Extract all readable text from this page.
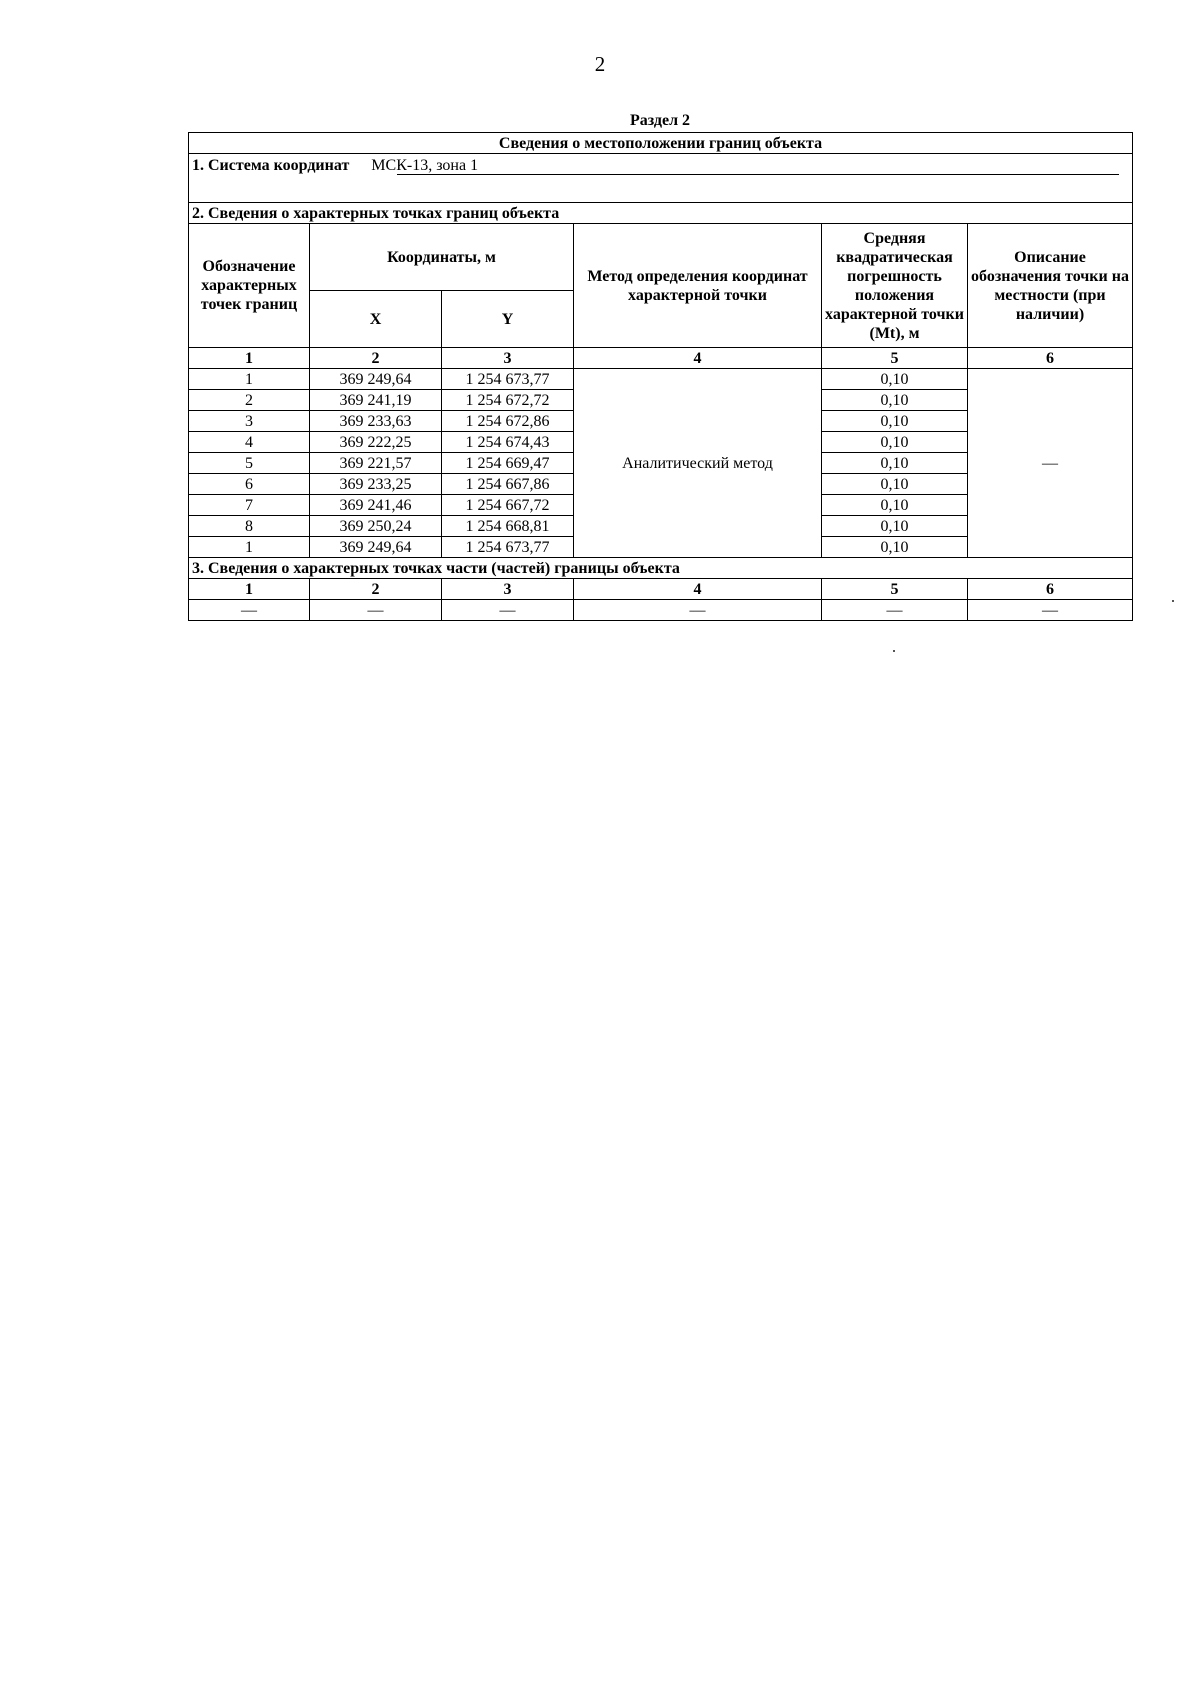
2
Раздел 2
Сведения о местоположении границ объекта					
1. Система координат МСК-13, зона 1					

2. Сведения о характерных точках границ объекта					
Обозначение характерных точек границ	Координаты, м		Метод определения координат характерной точки	Средняя квадратическая погрешность положения характерной точки (Mt), м	Описание обозначения точки на местности (при наличии)
	X	Y			
1	2	3	4	5	6
1	369 249,64	1 254 673,77	Аналитический метод	0,10	—
2	369 241,19	1 254 672,72		0,10	
3	369 233,63	1 254 672,86		0,10	
4	369 222,25	1 254 674,43		0,10	
5	369 221,57	1 254 669,47		0,10	
6	369 233,25	1 254 667,86		0,10	
7	369 241,46	1 254 667,72		0,10	
8	369 250,24	1 254 668,81		0,10	
1	369 249,64	1 254 673,77		0,10	
3. Сведения о характерных точках части (частей) границы объекта					
1	2	3	4	5	6
—	—	—	—	—	—
